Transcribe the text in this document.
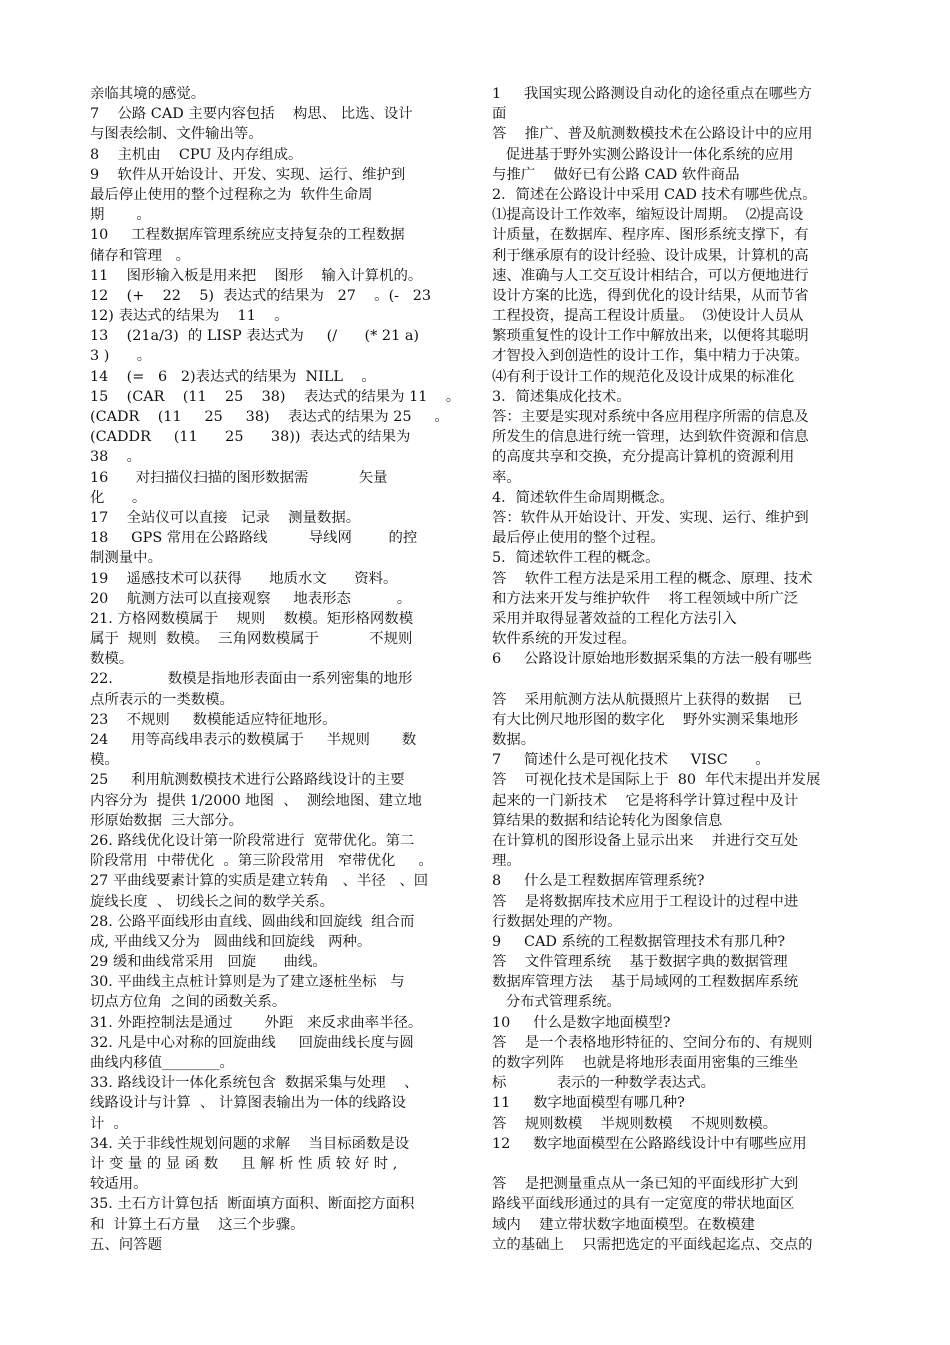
亲临其境的感觉。
7    公路 CAD 主要内容包括    构思、 比选、设计
与图表绘制、文件输出等。
8    主机由    CPU 及内存组成。
9    软件从开始设计、开发、实现、运行、维护到
最后停止使用的整个过程称之为  软件生命周
期       。
10     工程数据库管理系统应支持复杂的工程数据
储存和管理   。
11    图形输入板是用来把    图形    输入计算机的。
12    (+    22    5)  表达式的结果为   27    。(-   23
12) 表达式的结果为    11    。
13    (21a/3)  的 LISP 表达式为     (/      (* 21 a)
3 )      。
14    (=   6   2)表达式的结果为  NILL    。
15    (CAR    (11    25    38)    表达式的结果为 11    。
(CADR    (11     25     38)    表达式的结果为 25     。
(CADDR     (11      25      38))  表达式的结果为
38    。
16      对扫描仪扫描的图形数据需           矢量
化      。
17    全站仪可以直接   记录    测量数据。
18     GPS 常用在公路路线         导线网        的控
制测量中。
19    遥感技术可以获得      地质水文      资料。
20    航测方法可以直接观察     地表形态          。
21. 方格网数模属于    规则    数模。矩形格网数模
属于  规则  数模。  三角网数模属于           不规则
数模。
22.            数模是指地形表面由一系列密集的地形
点所表示的一类数模。
23    不规则     数模能适应特征地形。
24     用等高线串表示的数模属于     半规则       数
模。
25     利用航测数模技术进行公路路线设计的主要
内容分为  提供 1/2000 地图  、  测绘地图、建立地
形原始数据  三大部分。
26. 路线优化设计第一阶段常进行  宽带优化。第二
阶段常用  中带优化  。第三阶段常用   窄带优化     。
27 平曲线要素计算的实质是建立转角   、半径   、回
旋线长度  、 切线长之间的数学关系。
28. 公路平面线形由直线、圆曲线和回旋线  组合而
成, 平曲线又分为   圆曲线和回旋线   两种。
29 缓和曲线常采用   回旋      曲线。
30. 平曲线主点桩计算则是为了建立逐桩坐标   与
切点方位角  之间的函数关系。
31. 外距控制法是通过       外距   来反求曲率半径。
32. 凡是中心对称的回旋曲线     回旋曲线长度与圆
曲线内移值________。
33. 路线设计一体化系统包含  数据采集与处理    、
线路设计与计算  、 计算图表输出为一体的线路设
计  。
34. 关于非线性规划问题的求解    当目标函数是设
计 变 量 的 显 函 数     且 解 析 性 质 较 好 时 ,
较适用。
35. 土石方计算包括  断面填方面积、断面挖方面积
和  计算土石方量    这三个步骤。
五、问答题
1     我国实现公路测设自动化的途径重点在哪些方
面
答    推广、普及航测数模技术在公路设计中的应用
促进基于野外实测公路设计一体化系统的应用
与推广    做好已有公路 CAD 软件商品
2．简述在公路设计中采用 CAD 技术有哪些优点。
⑴提高设计工作效率，缩短设计周期。  ⑵提高设
计质量，在数据库、程序库、图形系统支撑下，有
利于继承原有的设计经验、设计成果，计算机的高
速、准确与人工交互设计相结合，可以方便地进行
设计方案的比选，得到优化的设计结果，从而节省
工程投资，提高工程设计质量。  ⑶使设计人员从
繁琐重复性的设计工作中解放出来，以便将其聪明
才智投入到创造性的设计工作，集中精力于决策。
⑷有利于设计工作的规范化及设计成果的标准化
3．简述集成化技术。
答：主要是实现对系统中各应用程序所需的信息及
所发生的信息进行统一管理，达到软件资源和信息
的高度共享和交换，充分提高计算机的资源利用
率。
4．简述软件生命周期概念。
答：软件从开始设计、开发、实现、运行、维护到
最后停止使用的整个过程。
5．简述软件工程的概念。
答    软件工程方法是采用工程的概念、原理、技术
和方法来开发与维护软件    将工程领域中所广泛
采用并取得显著效益的工程化方法引入
软件系统的开发过程。
6     公路设计原始地形数据采集的方法一般有哪些
答    采用航测方法从航摄照片上获得的数据    已
有大比例尺地形图的数字化    野外实测采集地形
数据。
7     简述什么是可视化技术     VISC      。
答    可视化技术是国际上于  80  年代末提出并发展
起来的一门新技术    它是将科学计算过程中及计
算结果的数据和结论转化为图象信息
在计算机的图形设备上显示出来    并进行交互处
理。
8     什么是工程数据库管理系统?
答    是将数据库技术应用于工程设计的过程中进
行数据处理的产物。
9     CAD 系统的工程数据管理技术有那几种?
答    文件管理系统    基于数据字典的数据管理
数据库管理方法    基于局域网的工程数据库系统
分布式管理系统。
10     什么是数字地面模型?
答    是一个表格地形特征的、空间分布的、有规则
的数字列阵    也就是将地形表面用密集的三维坐
标           表示的一种数学表达式。
11     数字地面模型有哪几种?
答    规则数模    半规则数模    不规则数模。
12     数字地面模型在公路路线设计中有哪些应用
答    是把测量重点从一条已知的平面线形扩大到
路线平面线形通过的具有一定宽度的带状地面区
域内    建立带状数字地面模型。在数模建
立的基础上    只需把选定的平面线起迄点、交点的
